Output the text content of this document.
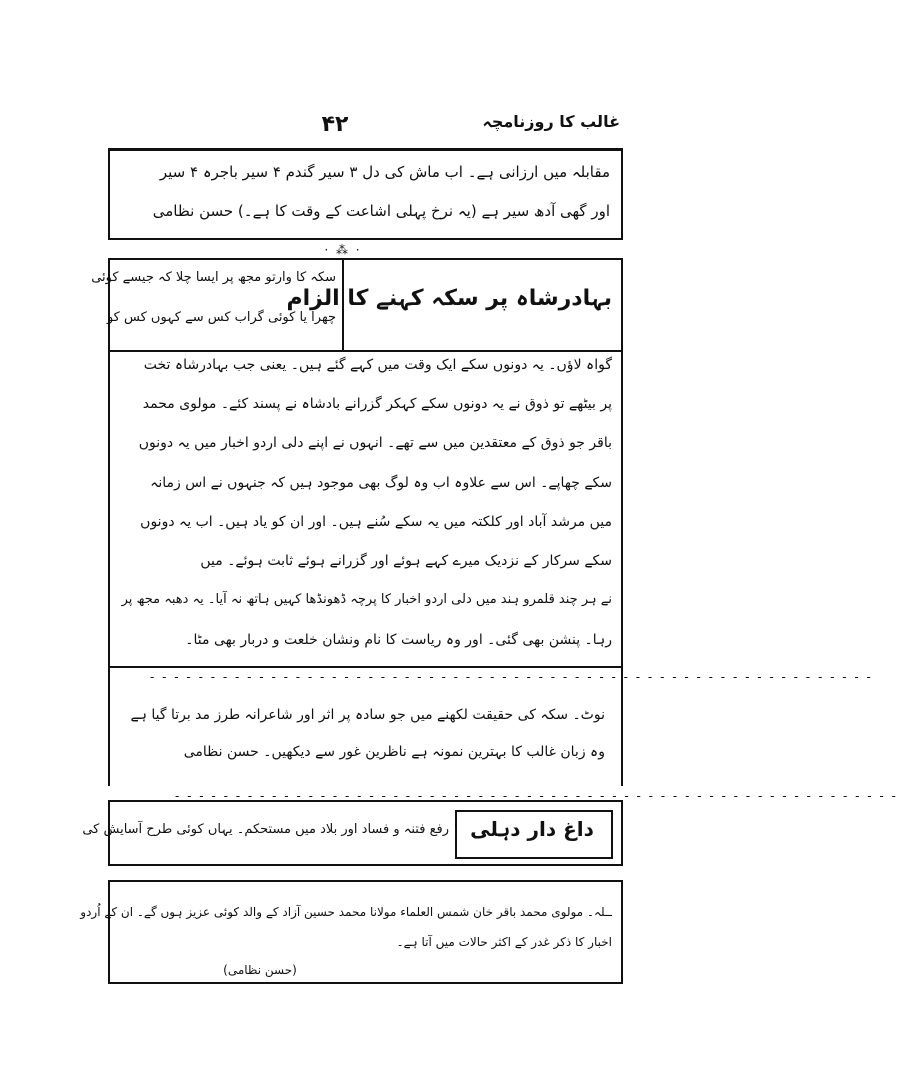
غالب کا روزنامچہ
۴۲
مقابلہ میں ارزانی ہے۔ اب ماش کی دل ۳ سیر گندم ۴ سیر باجرہ ۴ سیر
اور گھی آدھ سیر ہے (یہ نرخ پہلی اشاعت کے وقت کا ہے۔) حسن نظامی
· ⁂ ·
بہادرشاہ پر سکہ کہنے کا الزام
سکہ کا وارتو مجھ پر ایسا چلا کہ جیسے کوئی
چھرا یا کوئی گراب کس سے کہوں کس کو
گواہ لاؤں۔ یہ دونوں سکے ایک وقت میں کہے گئے ہیں۔ یعنی جب بہادرشاہ تخت
پر بیٹھے تو ذوق نے یہ دونوں سکے کہکر گزرانے بادشاہ نے پسند کئے۔ مولوی محمد
باقر جو ذوق کے معتقدین میں سے تھے۔ انہوں نے اپنے دلی اردو اخبار میں یہ دونوں
سکے چھاپے۔ اس سے علاوہ اب وہ لوگ بھی موجود ہیں کہ جنہوں نے اس زمانہ
میں مرشد آباد اور کلکتہ میں یہ سکے سُنے ہیں۔ اور ان کو یاد ہیں۔ اب یہ دونوں
سکے سرکار کے نزدیک میرے کہے ہوئے اور گزرانے ہوئے ثابت ہوئے۔ میں
نے ہر چند قلمرو ہند میں دلی اردو اخبار کا پرچہ ڈھونڈھا کہیں ہاتھ نہ آیا۔ یہ دھبہ مجھ پر
رہا۔ پنشن بھی گئی۔ اور وہ ریاست کا نام ونشان خلعت و دربار بھی مٹا۔
- - - - - - - - - - - - - - - - - - - - - - - - - - - - - - - - - - - - - - - - - - - - - - - - - - - - - - - - - - - -
نوٹ۔ سکہ کی حقیقت لکھنے میں جو سادہ پر اثر اور شاعرانہ طرز مد برتا گیا ہے
وہ زبان غالب کا بہترین نمونہ ہے ناظرین غور سے دیکھیں۔ حسن نظامی
- - - - - - - - - - - - - - - - - - - - - - - - - - - - - - - - - - - - - - - - - - - - - - - - - - - - - - - - - - - -
داغ دار دہلی
رفع فتنہ و فساد اور بلاد میں مستحکم۔ یہاں کوئی طرح آسایش کی
ــلہ۔ مولوی محمد باقر خان شمس العلماء مولانا محمد حسین آزاد کے والد کوئی عزیز ہوں گے۔ ان کے اُردو
اخبار کا ذکر غدر کے اکثر حالات میں آتا ہے۔
(حسن نظامی)
